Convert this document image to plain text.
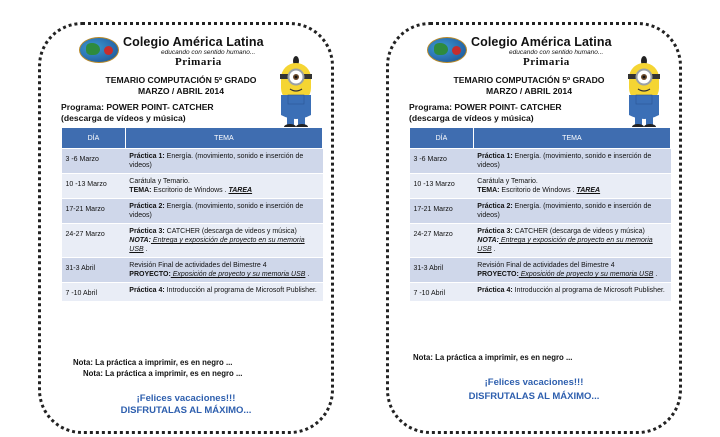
Colegio América Latina
educando con sentido humano...
Primaria
TEMARIO COMPUTACIÓN 5º GRADO
MARZO / ABRIL 2014
Programa: POWER POINT- CATCHER
(descarga de vídeos y música)
DÍA	TEMA
3 -6 Marzo	Práctica 1: Energía. (movimiento, sonido e inserción de videos)
10 -13 Marzo	Carátula y Temario.
TEMA: Escritorio de Windows . TAREA
17-21 Marzo	Práctica 2: Energía. (movimiento, sonido e inserción de videos)
24-27 Marzo	Práctica 3: CATCHER (descarga de videos y música)
NOTA: Entrega y exposición de proyecto en su memoria USB .
31-3 Abril	Revisión Final de actividades del Bimestre 4
PROYECTO: Exposición de proyecto y su memoria USB .
7 -10 Abril	Práctica 4: Introducción al programa de Microsoft Publisher.
Nota: La práctica a imprimir, es en negro ...
Nota: La práctica a imprimir, es en negro ...
¡Felices vacaciones!!!
DISFRUTALAS AL MÁXIMO...
Colegio América Latina
educando con sentido humano...
Primaria
TEMARIO COMPUTACIÓN 5º GRADO
MARZO / ABRIL 2014
Programa: POWER POINT- CATCHER
(descarga de vídeos y música)
DÍA	TEMA
3 -6 Marzo	Práctica 1: Energía. (movimiento, sonido e inserción de videos)
10 -13 Marzo	Carátula y Temario.
TEMA: Escritorio de Windows . TAREA
17-21 Marzo	Práctica 2: Energía. (movimiento, sonido e inserción de videos)
24-27 Marzo	Práctica 3: CATCHER (descarga de videos y música)
NOTA: Entrega y exposición de proyecto en su memoria USB .
31-3 Abril	Revisión Final de actividades del Bimestre 4
PROYECTO: Exposición de proyecto y su memoria USB .
7 -10 Abril	Práctica 4: Introducción al programa de Microsoft Publisher.
Nota: La práctica a imprimir, es en negro ...
¡Felices vacaciones!!!
DISFRUTALAS AL MÁXIMO...
